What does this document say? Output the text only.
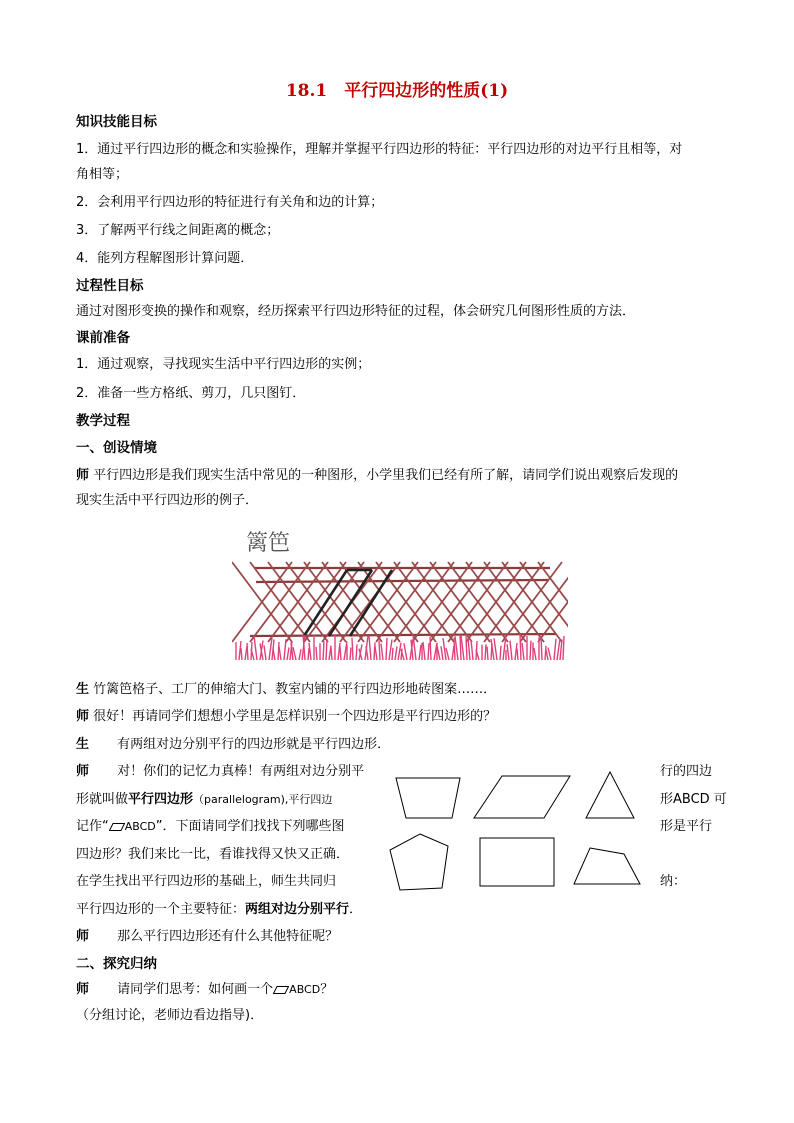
18.1　平行四边形的性质(1)
知识技能目标
1．通过平行四边形的概念和实验操作，理解并掌握平行四边形的特征：平行四边形的对边平行且相等，对
角相等；
2．会利用平行四边形的特征进行有关角和边的计算；
3．了解两平行线之间距离的概念；
4．能列方程解图形计算问题．
过程性目标
通过对图形变换的操作和观察，经历探索平行四边形特征的过程，体会研究几何图形性质的方法．
课前准备
1．通过观察，寻找现实生活中平行四边形的实例；
2．准备一些方格纸、剪刀，几只图钉．
教学过程
一、创设情境
师 平行四边形是我们现实生活中常见的一种图形，小学里我们已经有所了解，请同学们说出观察后发现的
现实生活中平行四边形的例子．
篱笆
生 竹篱笆格子、工厂的伸缩大门、教室内铺的平行四边形地砖图案……．
师 很好！再请同学们想想小学里是怎样识别一个四边形是平行四边形的？
生 有两组对边分别平行的四边形就是平行四边形．
师 对！你们的记忆力真棒！有两组对边分别平	行的四边
形就叫做平行四边形（parallelogram),平行四边	形ABCD 可
记作“ ABCD”．下面请同学们找找下列哪些图	形是平行
四边形？我们来比一比，看谁找得又快又正确．
在学生找出平行四边形的基础上，师生共同归	纳：
平行四边形的一个主要特征：两组对边分别平行．
师 那么平行四边形还有什么其他特征呢？
二、探究归纳
师 请同学们思考：如何画一个 ABCD？
（分组讨论，老师边看边指导)．
